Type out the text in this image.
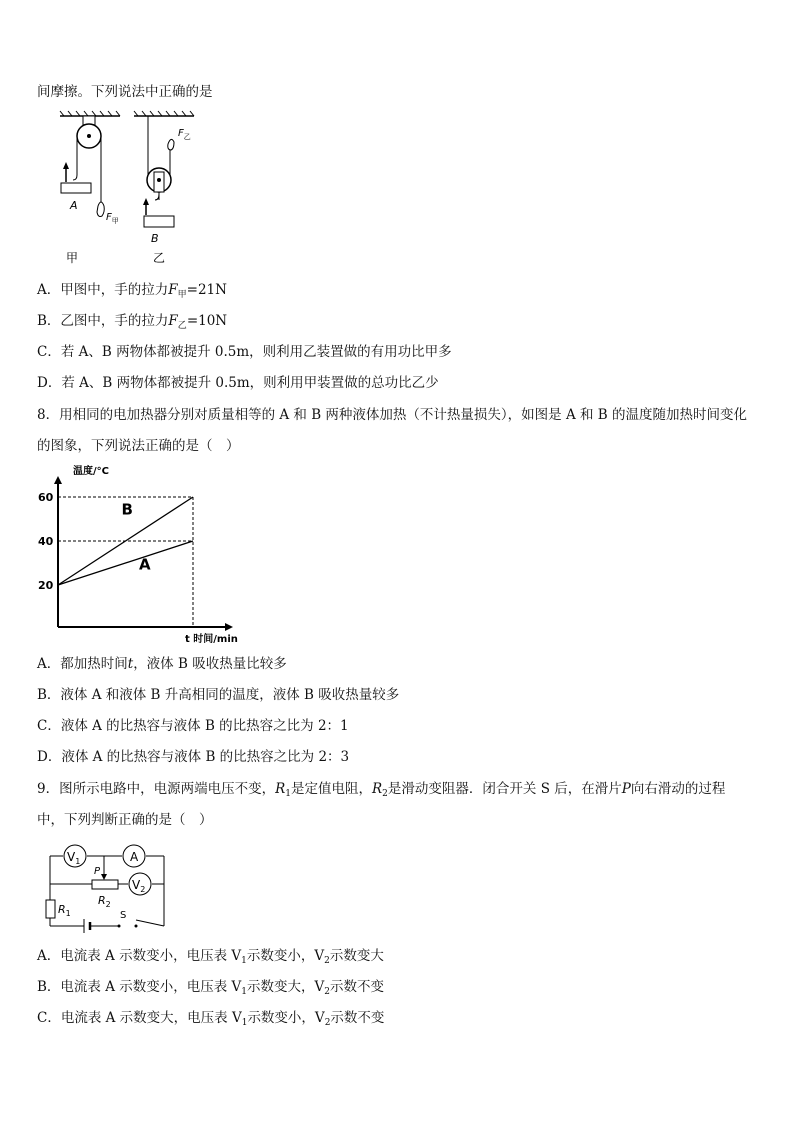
间摩擦。下列说法中正确的是
A
$F_甲$
甲
B
$F_乙$
乙
A．甲图中，手的拉力$F_甲=21N$
B．乙图中，手的拉力$F_乙=10N$
C．若 A、B 两物体都被提升 0.5m，则利用乙装置做的有用功比甲多
D．若 A、B 两物体都被提升 0.5m，则利用甲装置做的总功比乙少
8．用相同的电加热器分别对质量相等的 A 和 B 两种液体加热（不计热量损失），如图是 A 和 B 的温度随加热时间变化
的图象，下列说法正确的是（　）
温度/°C
t 时间/min
20
40
60
B
A
A．都加热时间t，液体 B 吸收热量比较多
B．液体 A 和液体 B 升高相同的温度，液体 B 吸收热量较多
C．液体 A 的比热容与液体 B 的比热容之比为 2：1
D．液体 A 的比热容与液体 B 的比热容之比为 2：3
9．图所示电路中，电源两端电压不变，$R_1$是定值电阻，$R_2$是滑动变阻器．闭合开关 S 后，在滑片P向右滑动的过程
中，下列判断正确的是（　）
$V_1$	A
$V_2$
P
$R_2$
$R_1$	S
A．电流表 A 示数变小，电压表 $V_1$示数变小，$V_2$示数变大
B．电流表 A 示数变小，电压表 $V_1$示数变大，$V_2$示数不变
C．电流表 A 示数变大，电压表 $V_1$示数变小，$V_2$示数不变
